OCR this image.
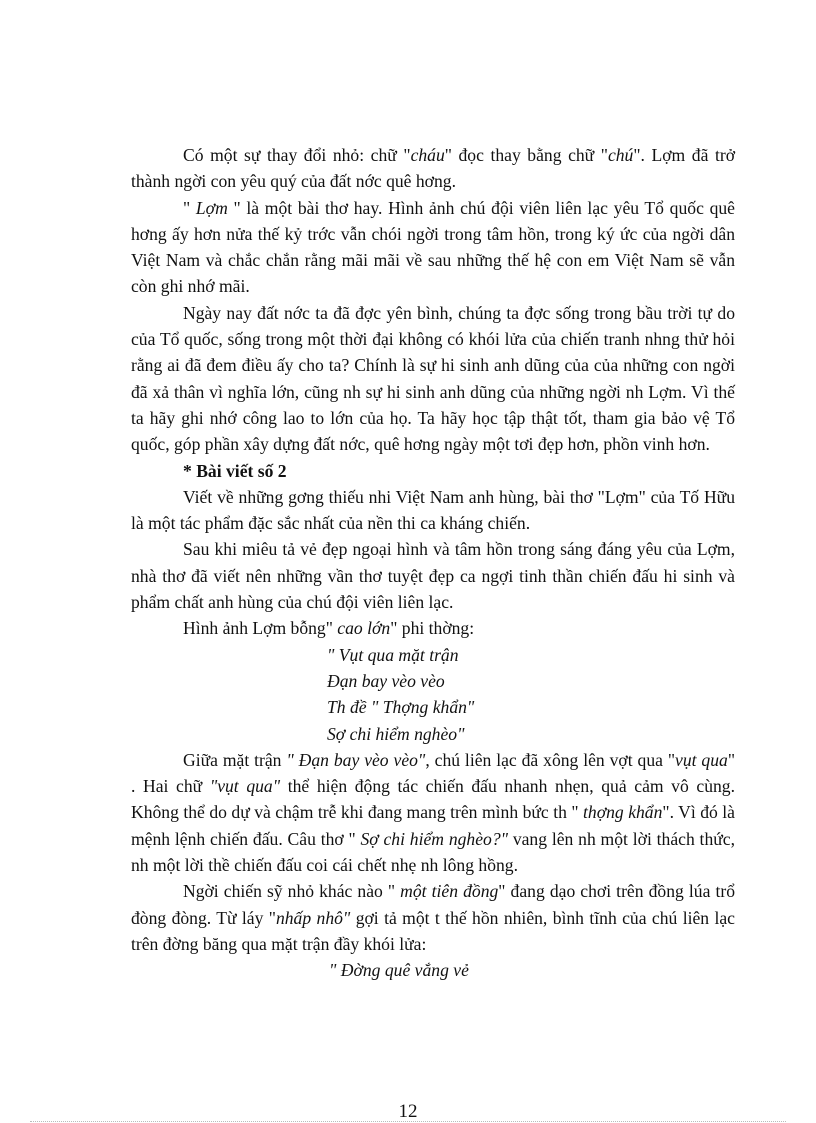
Có một sự thay đổi nhỏ: chữ "cháu" đọc thay bằng chữ "chú". Lợm đã trở thành ngời con yêu quý của đất nớc quê hơng.

" Lợm " là một bài thơ hay. Hình ảnh chú đội viên liên lạc yêu Tổ quốc quê hơng ấy hơn nửa thế kỷ trớc vẫn chói ngời trong tâm hồn, trong ký ức của ngời dân Việt Nam và chắc chắn rằng mãi mãi về sau những thế hệ con em Việt Nam sẽ vẫn còn ghi nhớ mãi.

Ngày nay đất nớc ta đã đợc yên bình, chúng ta đợc sống trong bầu trời tự do của Tổ quốc, sống trong một thời đại không có khói lửa của chiến tranh nhng thử hỏi rằng ai đã đem điều ấy cho ta? Chính là sự hi sinh anh dũng của của những con ngời đã xả thân vì nghĩa lớn, cũng nh sự hi sinh anh dũng của những ngời nh Lợm. Vì thế ta hãy ghi nhớ công lao to lớn của họ. Ta hãy học tập thật tốt, tham gia bảo vệ Tổ quốc, góp phần xây dựng đất nớc, quê hơng ngày một tơi đẹp hơn, phồn vinh hơn.

* Bài viết số 2

Viết về những gơng thiếu nhi Việt Nam anh hùng, bài thơ "Lợm" của Tố Hữu là một tác phẩm đặc sắc nhất của nền thi ca kháng chiến.

Sau khi miêu tả vẻ đẹp ngoại hình và tâm hồn trong sáng đáng yêu của Lợm, nhà thơ đã viết nên những vần thơ tuyệt đẹp ca ngợi tinh thần chiến đấu hi sinh và phẩm chất anh hùng của chú đội viên liên lạc.

Hình ảnh Lợm bỗng" cao lớn" phi thờng:

" Vụt qua mặt trận
Đạn bay vèo vèo
Th đề " Thợng khẩn"
Sợ chi hiểm nghèo"

Giữa mặt trận " Đạn bay vèo vèo", chú liên lạc đã xông lên vợt qua "vụt qua" . Hai chữ "vụt qua" thể hiện động tác chiến đấu nhanh nhẹn, quả cảm vô cùng. Không thể do dự và chậm trễ khi đang mang trên mình bức th " thợng khẩn". Vì đó là mệnh lệnh chiến đấu. Câu thơ " Sợ chi hiểm nghèo?" vang lên nh một lời thách thức, nh một lời thề chiến đấu coi cái chết nhẹ nh lông hồng.

Ngời chiến sỹ nhỏ khác nào " một tiên đồng" đang dạo chơi trên đồng lúa trổ đòng đòng. Từ láy "nhấp nhô" gợi tả một t thế hồn nhiên, bình tĩnh của chú liên lạc trên đờng băng qua mặt trận đầy khói lửa:

" Đờng quê vắng vẻ
12
